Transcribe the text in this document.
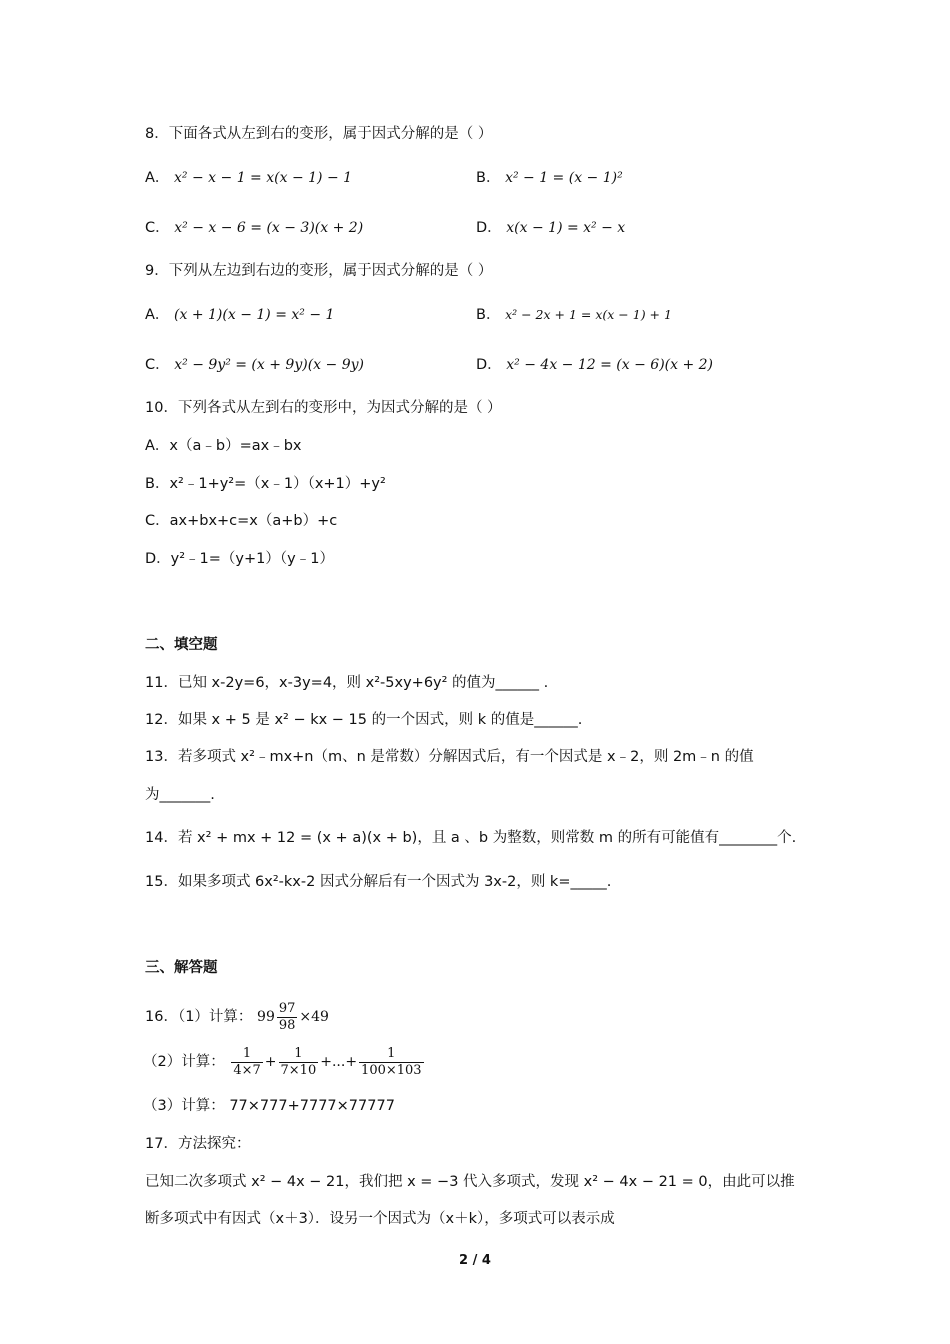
8．下面各式从左到右的变形，属于因式分解的是（ ）
A． x² − x − 1 = x(x − 1) − 1	B． x² − 1 = (x − 1)²
C． x² − x − 6 = (x − 3)(x + 2)	D． x(x − 1) = x² − x
9．下列从左边到右边的变形，属于因式分解的是（ ）
A． (x + 1)(x − 1) = x² − 1	B． x² − 2x + 1 = x(x − 1) + 1
C． x² − 9y² = (x + 9y)(x − 9y)	D． x² − 4x − 12 = (x − 6)(x + 2)
10．下列各式从左到右的变形中，为因式分解的是（ ）
A．x（a﹣b）=ax﹣bx
B．x²﹣1+y²=（x﹣1）（x+1）+y²
C．ax+bx+c=x（a+b）+c
D．y²﹣1=（y+1）（y﹣1）
二、填空题
11．已知 x-2y=6，x-3y=4，则 x²-5xy+6y² 的值为______ .
12．如果 x + 5 是 x² − kx − 15 的一个因式，则 k 的值是______.
13．若多项式 x²﹣mx+n（m、n 是常数）分解因式后，有一个因式是 x﹣2，则 2m﹣n 的值
为_______.
14．若 x² + mx + 12 = (x + a)(x + b)，且 a 、b 为整数，则常数 m 的所有可能值有________个.
15．如果多项式 6x²-kx-2 因式分解后有一个因式为 3x-2，则 k=_____.
三、解答题
16．（1）计算： $99 \frac{97}{98} \times 49$
（2）计算： $\frac{1}{4\times 7} + \frac{1}{7\times 10}$ +...+ $\frac{1}{100\times 103}$
（3）计算： 77×777+7777×77777
17．方法探究：
已知二次多项式 x² − 4x − 21，我们把 x = −3 代入多项式，发现 x² − 4x − 21 = 0，由此可以推
断多项式中有因式（x＋3）．设另一个因式为（x＋k），多项式可以表示成
2 / 4
